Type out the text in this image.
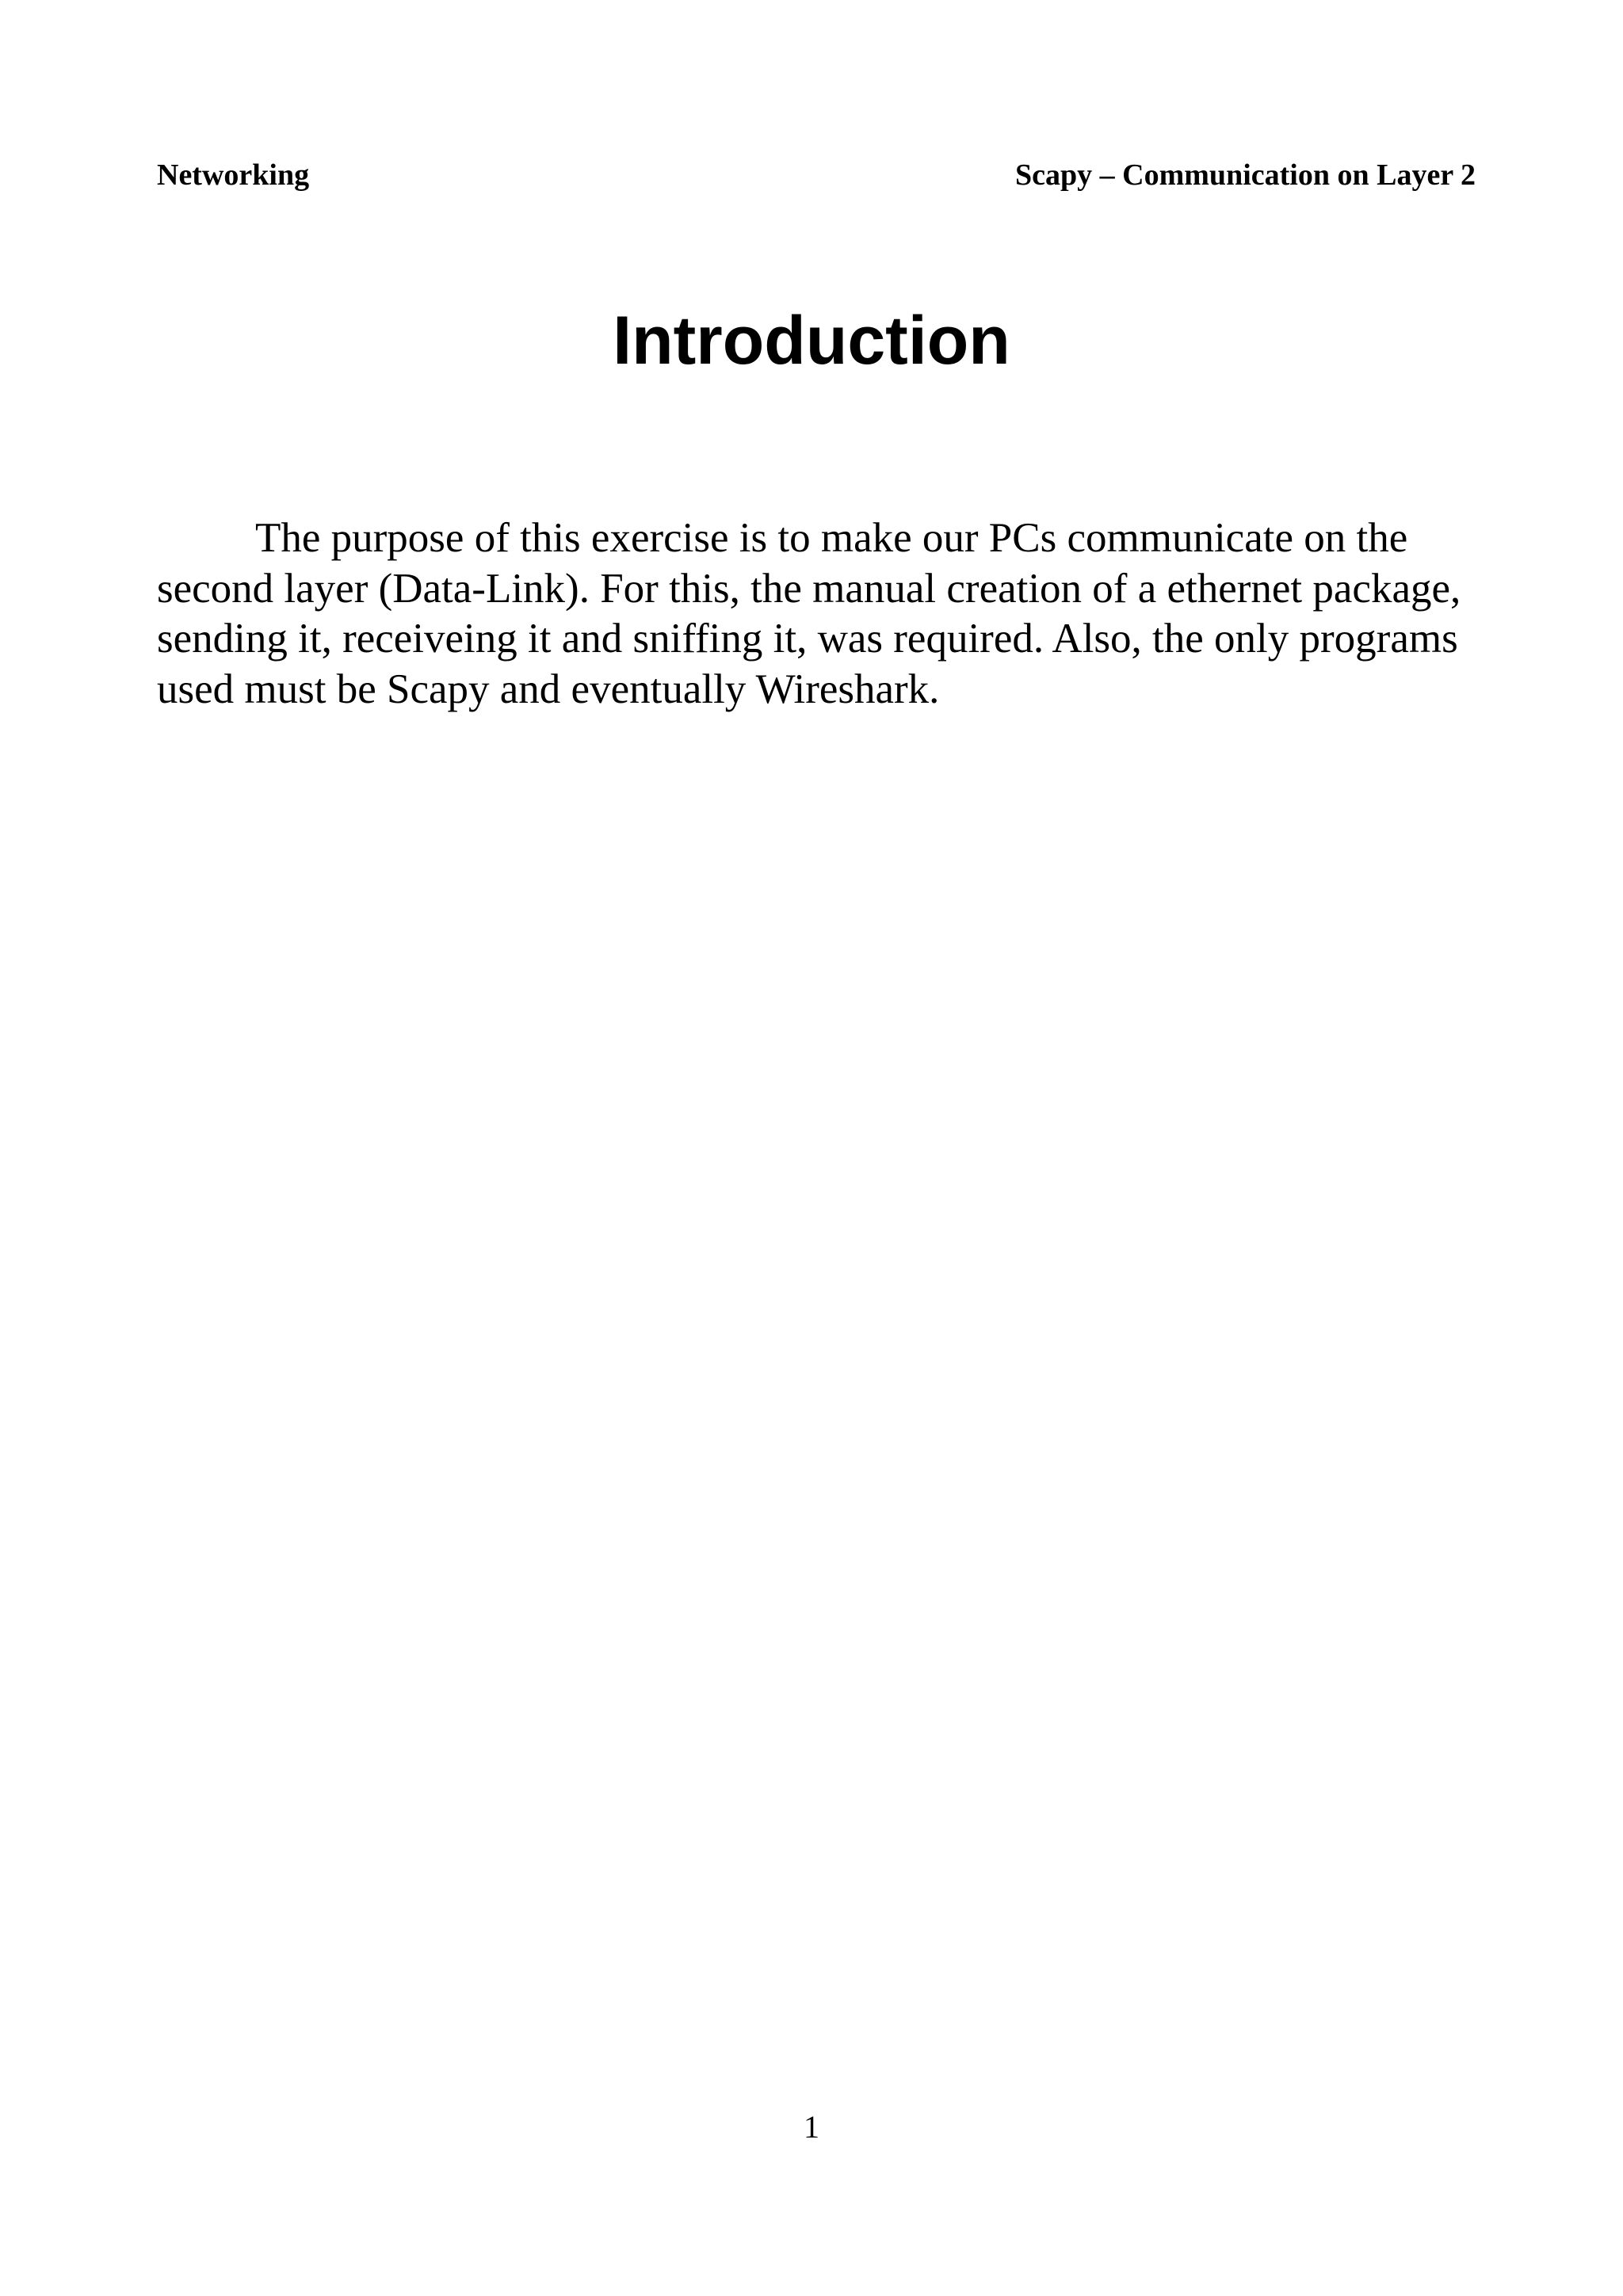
Networking	Scapy – Communication on Layer 2
Introduction

The purpose of this exercise is to make our PCs communicate on the second layer (Data-Link). For this, the manual creation of a ethernet package, sending it, receiveing it and sniffing it, was required. Also, the only programs used must be Scapy and eventually Wireshark.

1
